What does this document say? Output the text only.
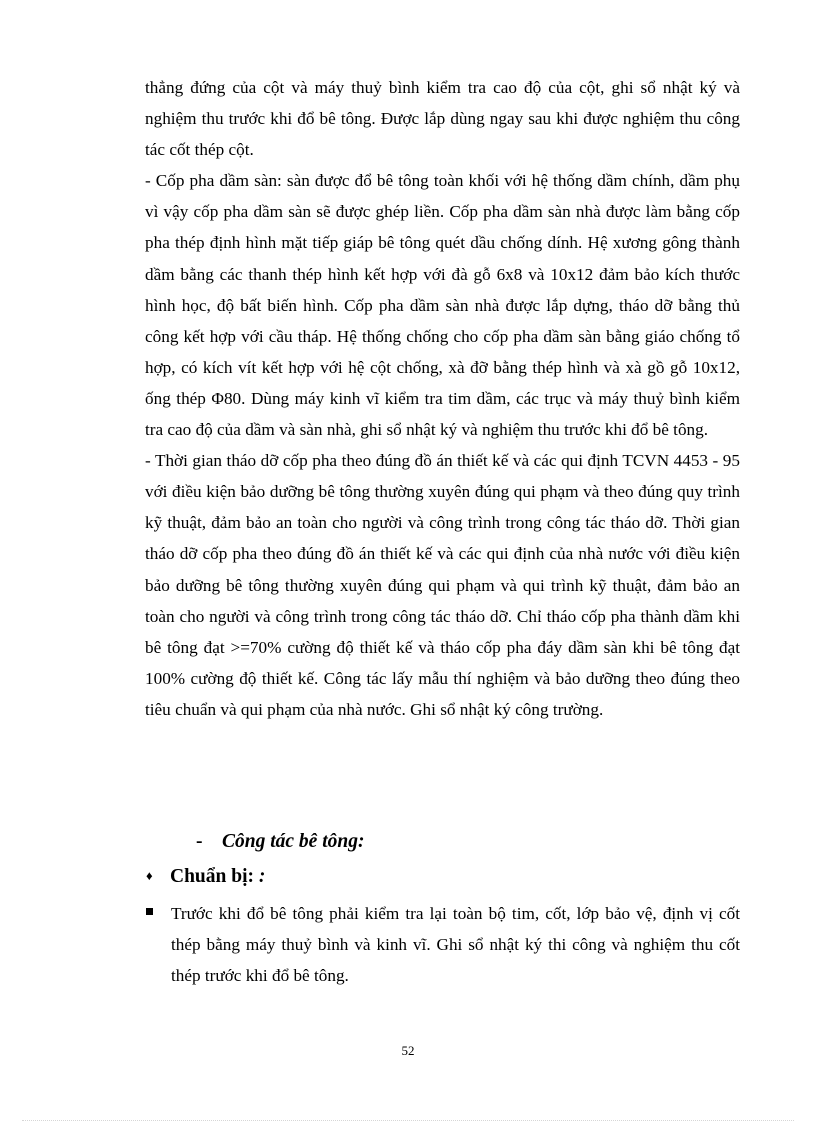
thẳng đứng của cột và máy thuỷ bình kiểm tra cao độ của cột, ghi sổ nhật ký và nghiệm thu trước khi đổ bê tông. Được lắp dùng ngay sau khi được nghiệm thu công tác cốt thép cột.

- Cốp pha dầm sàn: sàn được đổ bê tông toàn khối với hệ thống dầm chính, dầm phụ vì vậy cốp pha dầm sàn sẽ được ghép liền. Cốp pha dầm sàn nhà được làm bằng cốp pha thép định hình mặt tiếp giáp bê tông quét dầu chống dính. Hệ xương gông thành dầm bằng các thanh thép hình kết hợp với đà gỗ 6x8 và 10x12 đảm bảo kích thước hình học, độ bất biến hình. Cốp pha dầm sàn nhà được lắp dựng, tháo dỡ bằng thủ công kết hợp với cầu tháp. Hệ thống chống cho cốp pha dầm sàn bằng giáo chống tổ hợp, có kích vít kết hợp với hệ cột chống, xà đỡ bằng thép hình và xà gồ gỗ 10x12, ống thép Φ80. Dùng máy kinh vĩ kiểm tra tim dầm, các trục và máy thuỷ bình kiểm tra cao độ của dầm và sàn nhà, ghi sổ nhật ký và nghiệm thu trước khi đổ bê tông.

- Thời gian tháo dỡ cốp pha theo đúng đồ án thiết kế và các qui định TCVN 4453 - 95 với điều kiện bảo dưỡng bê tông thường xuyên đúng qui phạm và theo đúng quy trình kỹ thuật, đảm bảo an toàn cho người và công trình trong công tác tháo dỡ. Thời gian tháo dỡ cốp pha theo đúng đồ án thiết kế và các qui định của nhà nước với điều kiện bảo dưỡng bê tông thường xuyên đúng qui phạm và qui trình kỹ thuật, đảm bảo an toàn cho người và công trình trong công tác tháo dỡ. Chỉ tháo cốp pha thành dầm khi bê tông đạt >=70% cường độ thiết kế và tháo cốp pha đáy dầm sàn khi bê tông đạt 100% cường độ thiết kế. Công tác lấy mẫu thí nghiệm và bảo dưỡng theo đúng theo tiêu chuẩn và qui phạm của nhà nước. Ghi sổ nhật ký công trường.

- Công tác bê tông:
♦ Chuẩn bị: :

Trước khi đổ bê tông phải kiểm tra lại toàn bộ tim, cốt, lớp bảo vệ, định vị cốt thép bằng máy thuỷ bình và kinh vĩ. Ghi sổ nhật ký thi công và nghiệm thu cốt thép trước khi đổ bê tông.

52
